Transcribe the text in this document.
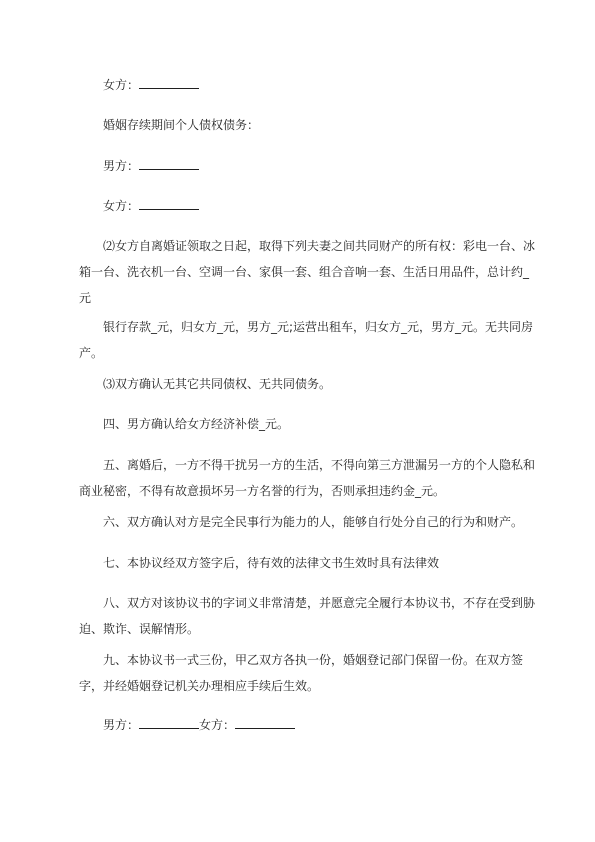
女方：

婚姻存续期间个人债权债务：

男方：

女方：

⑵女方自离婚证领取之日起，取得下列夫妻之间共同财产的所有权：彩电一台、冰箱一台、洗衣机一台、空调一台、家俱一套、组合音响一套、生活日用品件，总计约_元

银行存款_元，归女方_元，男方_元;运营出租车，归女方_元，男方_元。无共同房产。

⑶双方确认无其它共同债权、无共同债务。

四、男方确认给女方经济补偿_元。

五、离婚后，一方不得干扰另一方的生活，不得向第三方泄漏另一方的个人隐私和商业秘密，不得有故意损坏另一方名誉的行为，否则承担违约金_元。

六、双方确认对方是完全民事行为能力的人，能够自行处分自己的行为和财产。

七、本协议经双方签字后，待有效的法律文书生效时具有法律效

八、双方对该协议书的字词义非常清楚，并愿意完全履行本协议书，不存在受到胁迫、欺诈、误解情形。

九、本协议书一式三份，甲乙双方各执一份，婚姻登记部门保留一份。在双方签字，并经婚姻登记机关办理相应手续后生效。

男方：	女方：
